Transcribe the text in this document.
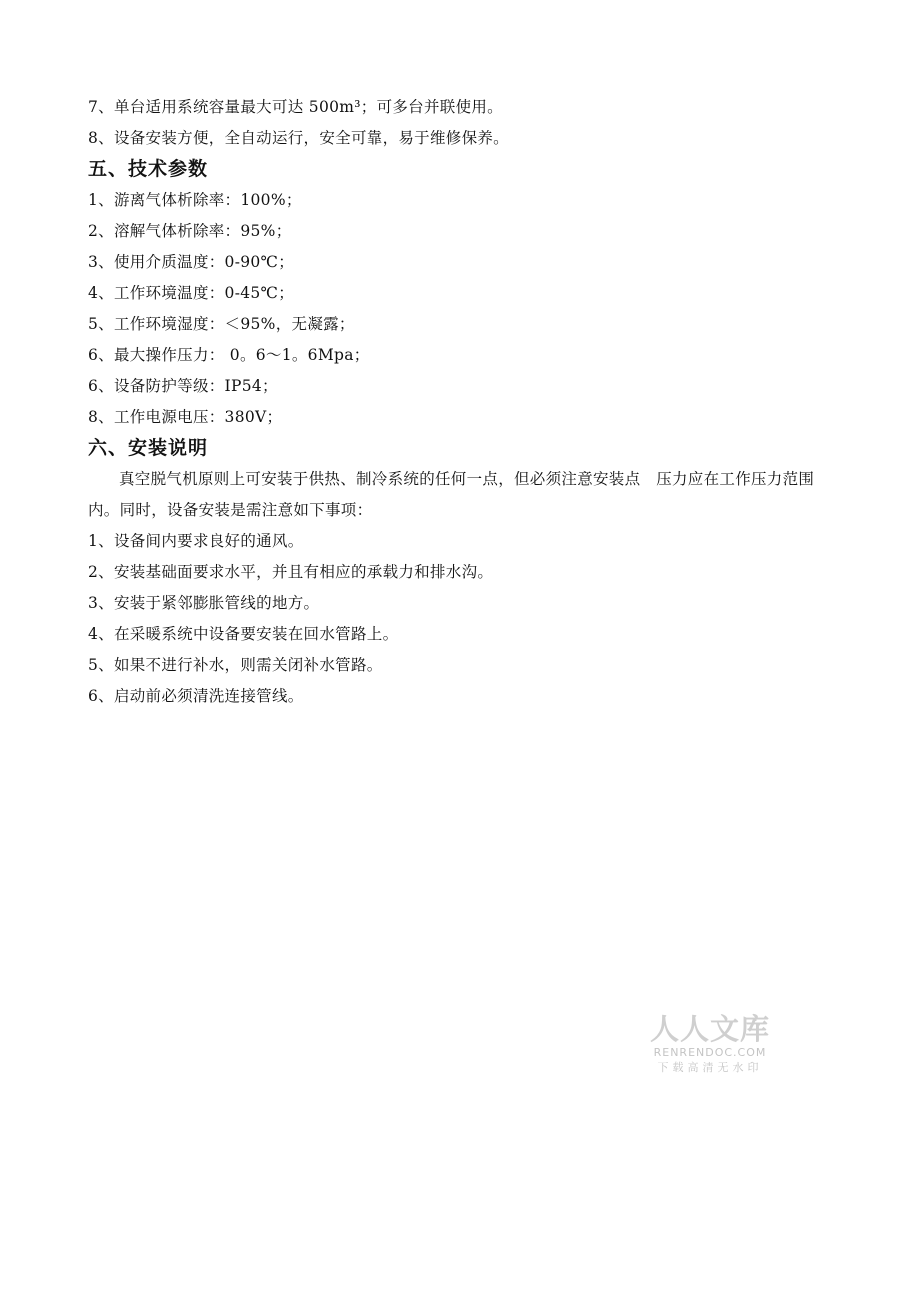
7、单台适用系统容量最大可达 500m³；可多台并联使用。
8、设备安装方便，全自动运行，安全可靠，易于维修保养。
五、技术参数
1、游离气体析除率：100%；
2、溶解气体析除率：95%；
3、使用介质温度：0-90℃；
4、工作环境温度：0-45℃；
5、工作环境湿度：＜95%，无凝露；
6、最大操作压力： 0。6～1。6Mpa；
6、设备防护等级：IP54；
8、工作电源电压：380V；
六、安装说明
真空脱气机原则上可安装于供热、制冷系统的任何一点，但必须注意安装点　压力应在工作压力范围内。同时，设备安装是需注意如下事项：
1、设备间内要求良好的通风。
2、安装基础面要求水平，并且有相应的承载力和排水沟。
3、安装于紧邻膨胀管线的地方。
4、在采暖系统中设备要安装在回水管路上。
5、如果不进行补水，则需关闭补水管路。
6、启动前必须清洗连接管线。
人人文库
RENRENDOC.COM
下载高清无水印
